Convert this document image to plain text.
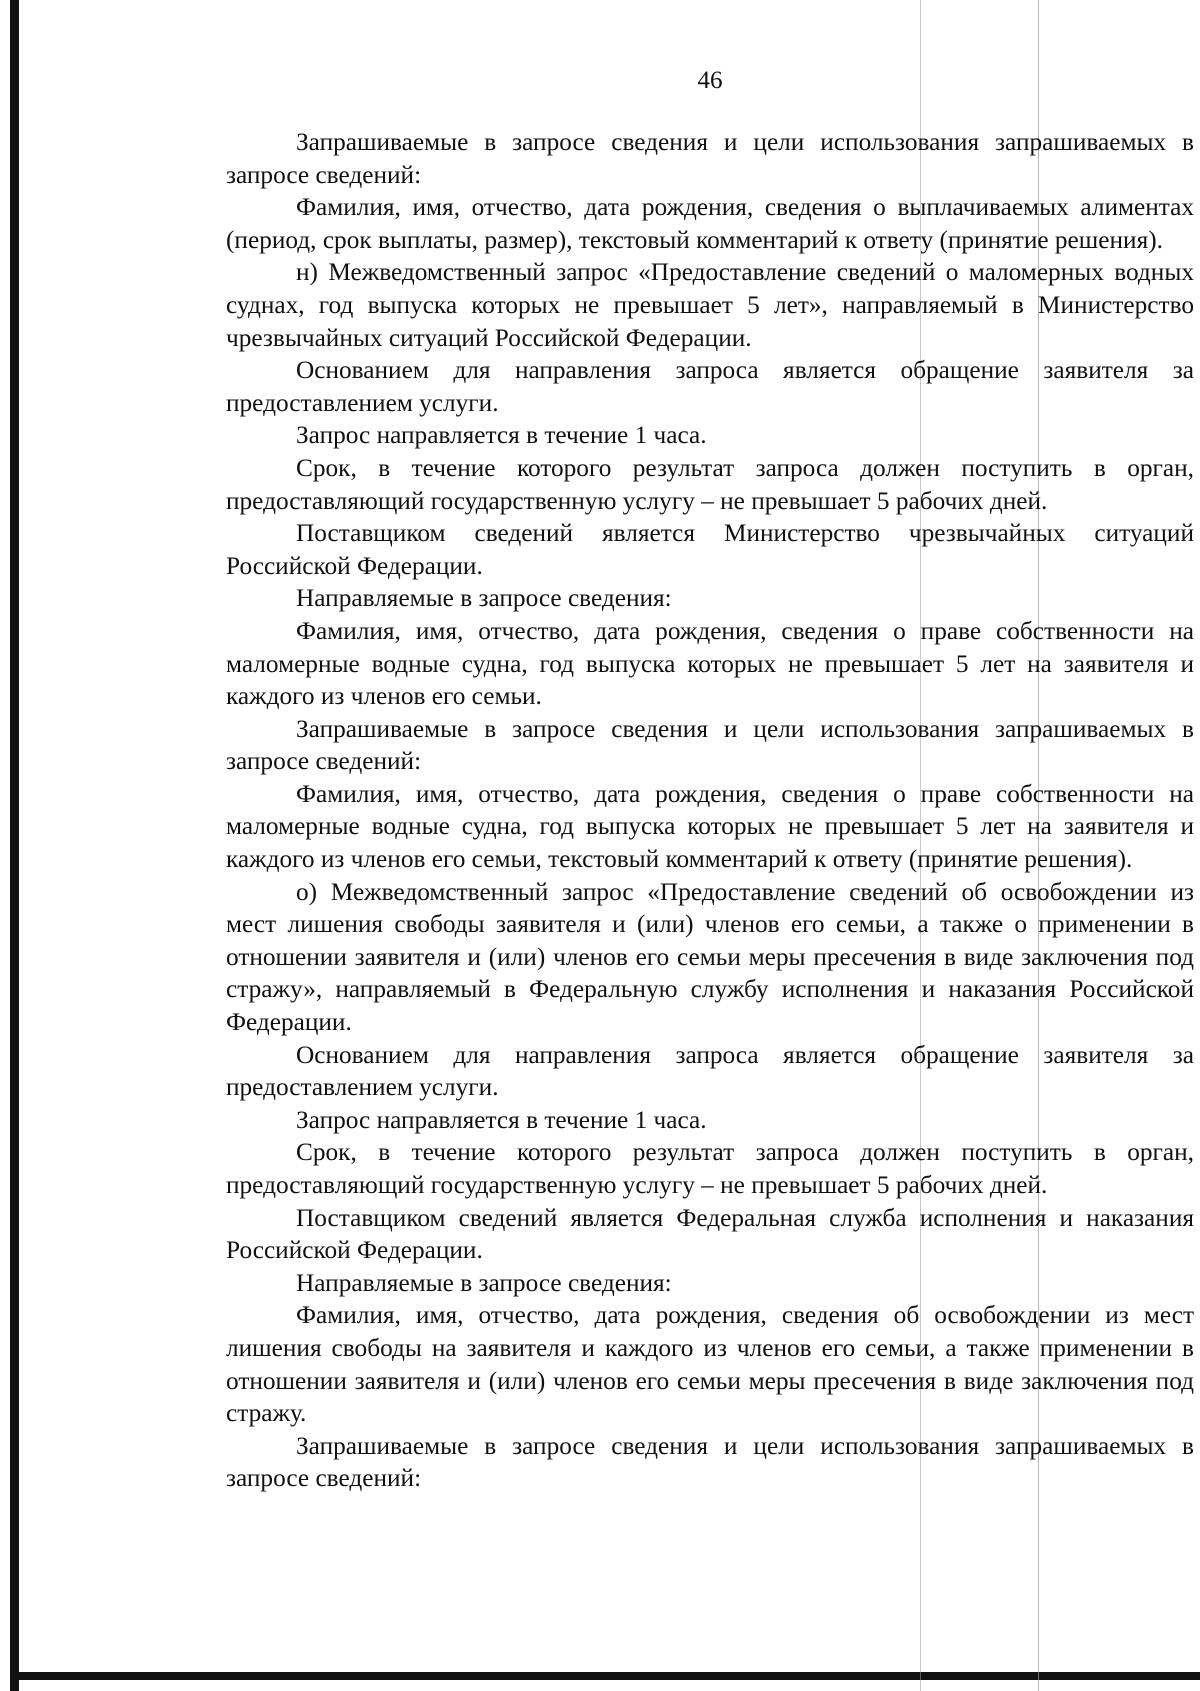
46

Запрашиваемые в запросе сведения и цели использования запрашиваемых в запросе сведений:

Фамилия, имя, отчество, дата рождения, сведения о выплачиваемых алиментах (период, срок выплаты, размер), текстовый комментарий к ответу (принятие решения).

н) Межведомственный запрос «Предоставление сведений о маломерных водных суднах, год выпуска которых не превышает 5 лет», направляемый в Министерство чрезвычайных ситуаций Российской Федерации.

Основанием для направления запроса является обращение заявителя за предоставлением услуги.

Запрос направляется в течение 1 часа.

Срок, в течение которого результат запроса должен поступить в орган, предоставляющий государственную услугу – не превышает 5 рабочих дней.

Поставщиком сведений является Министерство чрезвычайных ситуаций Российской Федерации.

Направляемые в запросе сведения:

Фамилия, имя, отчество, дата рождения, сведения о праве собственности на маломерные водные судна, год выпуска которых не превышает 5 лет на заявителя и каждого из членов его семьи.

Запрашиваемые в запросе сведения и цели использования запрашиваемых в запросе сведений:

Фамилия, имя, отчество, дата рождения, сведения о праве собственности на маломерные водные судна, год выпуска которых не превышает 5 лет на заявителя и каждого из членов его семьи, текстовый комментарий к ответу (принятие решения).

о) Межведомственный запрос «Предоставление сведений об освобождении из мест лишения свободы заявителя и (или) членов его семьи, а также о применении в отношении заявителя и (или) членов его семьи меры пресечения в виде заключения под стражу», направляемый в Федеральную службу исполнения и наказания Российской Федерации.

Основанием для направления запроса является обращение заявителя за предоставлением услуги.

Запрос направляется в течение 1 часа.

Срок, в течение которого результат запроса должен поступить в орган, предоставляющий государственную услугу – не превышает 5 рабочих дней.

Поставщиком сведений является Федеральная служба исполнения и наказания Российской Федерации.

Направляемые в запросе сведения:

Фамилия, имя, отчество, дата рождения, сведения об освобождении из мест лишения свободы на заявителя и каждого из членов его семьи, а также применении в отношении заявителя и (или) членов его семьи меры пресечения в виде заключения под стражу.

Запрашиваемые в запросе сведения и цели использования запрашиваемых в запросе сведений:
